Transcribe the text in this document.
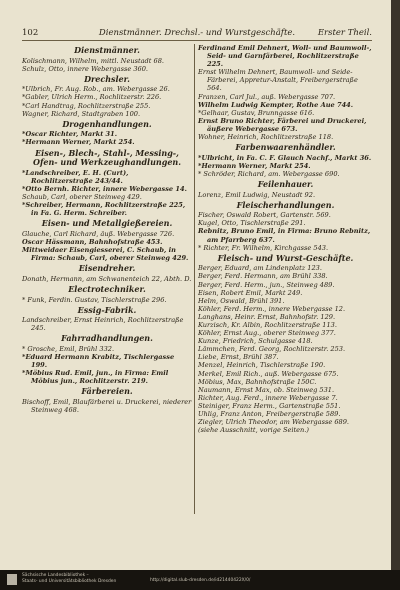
102	Dienstmänner. Drechsl.- und Wurstgeschäfte.	Erster Theil.
Dienstmänner.
Kolischmann, Wilhelm, mittl. Neustadt 68.
Schulz, Otto, innere Webergasse 360.
Drechsler.
*Ulbrich, Fr. Aug. Rob., am. Webergasse 26.
*Gabler, Ulrich Herm., Rochlitzerstr. 226.
*Carl Handtrag, Rochlitzerstraße 255.
Wagner, Richard, Stadtgraben 100.
Drogenhandlungen.
*Oscar Richter, Markt 31.
*Hermann Werner, Markt 254.
Eisen-, Blech-, Stahl-, Messing-, Ofen- und Werkzeughandlungen.
*Landschreiber, E. H. (Curt), Rochlitzerstraße 243/44.
*Otto Bernh. Richter, innere Webergasse 14.
Schaub, Carl, oberer Steinweg 429.
*Schreiber, Hermann, Rochlitzerstraße 225, in Fa. G. Herm. Schreiber.
Eisen- und Metallgießereien.
Glauche, Carl Richard, äuß. Webergasse 726.
Oscar Hässmann, Bahnhofstraße 453.
Mittweidaer Eisengiesserei, C. Schaub, in Firma: Schaub, Carl, oberer Steinweg 429.
Eisendreher.
Donath, Hermann, am Schwanenteich 22, Abth. D.
Electrotechniker.
* Funk, Ferdin. Gustav, Tischlerstraße 296.
Essig-Fabrik.
Landschreiber, Ernst Heinrich, Rochlitzerstraße 245.
Fahrradhandlungen.
* Grosche, Emil, Brühl 332.
*Eduard Hermann Krabitz, Tischlergasse 199.
*Möbius Rud. Emil, jun., in Firma: Emil Möbius jun., Rochlitzerstr. 219.
Färbereien.
Bischoff, Emil, Blaufärberei u. Druckerei, niederer Steinweg 468.
Ferdinand Emil Dehnert, Woll- und Baumwoll-, Seid- und Garnfärberei, Rochlitzerstraße 225.
Ernst Wilhelm Dehnert, Baumwoll- und Seide-Färberei, Appretur-Anstalt, Freibergerstraße 564.
Franzen, Carl Jul., auß. Webergasse 707.
Wilhelm Ludwig Kempter, Rothe Aue 744.
*Gelhaar, Gustav, Brunngasse 616.
Ernst Bruno Richter, Färberei und Druckerei, äußere Webergasse 673.
Wohner, Heinrich, Rochlitzerstraße 118.
Farbenwaarenhändler.
*Ulbricht, in Fa. C. F. Glauch Nachf., Markt 36.
*Hermann Werner, Markt 254.
* Schröder, Richard, am. Webergasse 690.
Feilenhauer.
Lorenz, Emil Ludwig, Neustadt 92.
Fleischerhandlungen.
Fischer, Oswald Robert, Gartenstr. 569.
Kugel, Otto, Tischlerstraße 291.
Rebnitz, Bruno Emil, in Firma: Bruno Rebnitz, am Pfarrberg 637.
* Richter, Fr. Wilhelm, Kirchgasse 543.
Fleisch- und Wurst-Geschäfte.
Berger, Eduard, am Lindenplatz 123.
Berger, Ferd. Hermann, am Brühl 338.
Berger, Ferd. Herm., jun., Steinweg 489.
Eisen, Robert Emil, Markt 249.
Helm, Oswald, Brühl 391.
Köhler, Ferd. Herm., innere Webergasse 12.
Langhans, Heinr. Ernst, Bahnhofstr. 129.
Kurzisch, Kr. Albin, Rochlitzerstraße 113.
Köhler, Ernst Aug., oberer Steinweg 377.
Kunze, Friedrich, Schulgasse 418.
Lämmchen, Ferd. Georg, Rochlitzerstr. 253.
Liebe, Ernst, Brühl 387.
Menzel, Heinrich, Tischlerstraße 190.
Merkel, Emil Rich., auß. Webergasse 675.
Möbius, Max, Bahnhofstraße 150C.
Naumann, Ernst Max, ob. Steinweg 531.
Richter, Aug. Ferd., innere Webergasse 7.
Steiniger, Franz Herm., Gartenstraße 551.
Uhlig, Franz Anton, Freibergerstraße 589.
Ziegler, Ulrich Theodor, am Webergasse 689.
(siehe Ausschnitt, vorige Seiten.)
Sächsische Landesbibliothek –
Staats- und Universitätsbibliothek Dresden	http://digital.slub-dresden.de/id21440422X/0/
